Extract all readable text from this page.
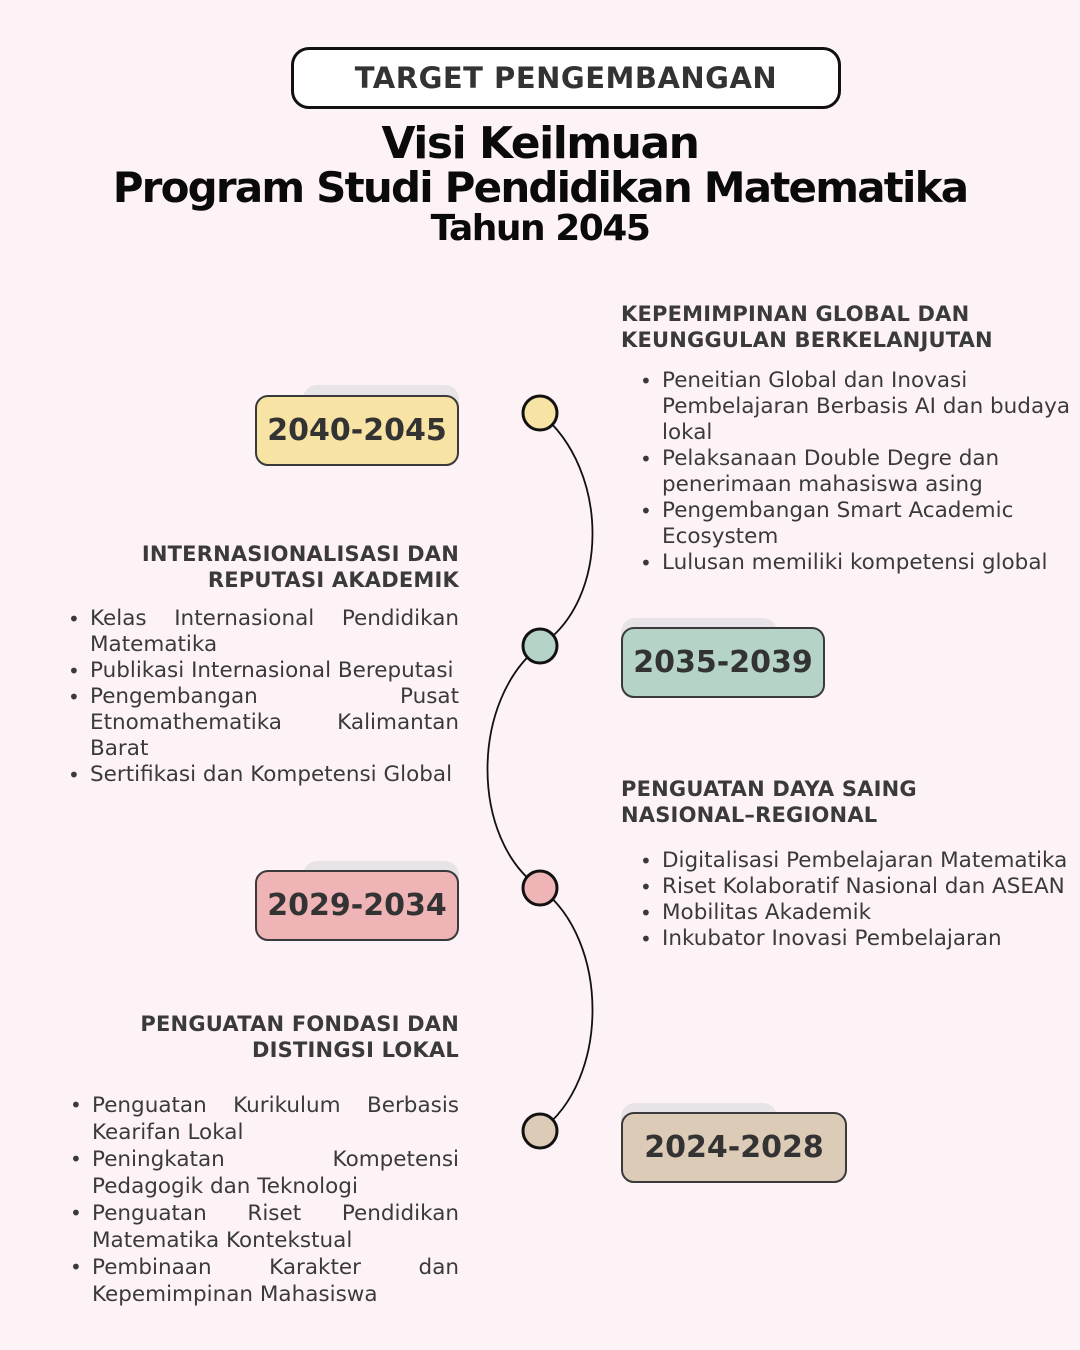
TARGET PENGEMBANGAN
Visi Keilmuan
Program Studi Pendidikan Matematika
Tahun 2045
2040-2045
KEPEMIMPINAN GLOBAL DAN
KEUNGGULAN BERKELANJUTAN
• Peneitian Global dan Inovasi Pembelajaran Berbasis AI dan budaya lokal
• Pelaksanaan Double Degre dan penerimaan mahasiswa asing
• Pengembangan Smart Academic Ecosystem
• Lulusan memiliki kompetensi global
INTERNASIONALISASI DAN
REPUTASI AKADEMIK
• Kelas Internasional Pendidikan Matematika
• Publikasi Internasional Bereputasi
• Pengembangan Pusat Etnomathematika Kalimantan Barat
• Sertifikasi dan Kompetensi Global
2035-2039
PENGUATAN DAYA SAING
NASIONAL–REGIONAL
• Digitalisasi Pembelajaran Matematika
• Riset Kolaboratif Nasional dan ASEAN
• Mobilitas Akademik
• Inkubator Inovasi Pembelajaran
2029-2034
PENGUATAN FONDASI DAN
DISTINGSI LOKAL
• Penguatan Kurikulum Berbasis Kearifan Lokal
• Peningkatan Kompetensi Pedagogik dan Teknologi
• Penguatan Riset Pendidikan Matematika Kontekstual
• Pembinaan Karakter dan Kepemimpinan Mahasiswa
2024-2028
